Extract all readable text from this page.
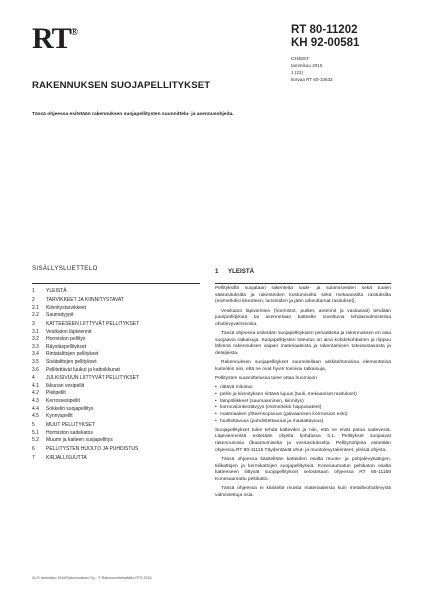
RT®	RT 80-11202
KH 92-00581
OHJEET
tammikuu 2016
1 (23)
korvaa RT 80-10632
RAKENNUKSEN SUOJAPELLITYKSET
Tässä ohjeessa esitetään rakennuksen suojapellitysten suunnittelu- ja asennusohjeita.
SISÄLLYSLUETTELO
1	YLEISTÄ
2	TARVIKKEET JA KIINNITYSTAVAT
2.1	Kiinnitystarvikkeet
2.2	Saumatyypit
3	KATTEESEEN LIITTYVÄT PELLITYKSET
3.1	Vesikaton läpiviennit
3.2	Hormiston pellitys
3.3	Räystäspellitykset
3.4	Rintatalttojen pellitykset
3.5	Sisätalttojen pellitykset
3.6	Pellitettävät luukut ja kattoikkunat
4	JULKISIVUUN LIITTYVÄT PELLITYKSET
4.1	Ikkunan vesipellit
4.2	Pielipellit
4.3	Kerrosvesipellit
4.4	Sokkelin suojapellitys
4.5	Kynnyspellit
5	MUUT PELLITYKSET
5.1	Hormiston sadekatos
5.2	Muurin ja kaiteen suojapellitys
6	PELLITYSTEN HUOLTO JA PUHDISTUS
7	KIRJALLISUUTTA
1 YLEISTÄ

Pellityksillä suojataan rakenteita sade- ja sulamisveden sekä tuulen säärasituksilta ja rakenteiden kostumiselta sekä mekaanisilta rasituksilta (esimerkiksi liikenteen, lumitöiden ja jään aiheuttamat rasitukset).

Vesikaton läpivientien (hormistot, putket, antennit ja vastaavat) tehdään juuriperllityksiä tai asennetaan katteelle soveltuvia tehdasvalmisteisia ohutlevyvalmisosia.

Tässä ohjeessa esitetään suojapellityksien periaatteita ja rakennuksen eri osia suojaavia ratkaisuja. Suojapellitysten toteutus on aina kohdekohtainen ja riippuu lähinnä rakennuksen vaipan materiaaleista ja rakentamisen toteutustavasta ja detaljeista.

Rakennuksen suojapellitykset suunnitellaan arkkitehtonisina elementteinä kuitenkin niin, että ne ovat hyvin toimivia ratkaisuja.

Pellitysten suunnittelussa tulee ottaa huomioon

• riittävä mitoitus
• pellin ja kiinnityksen riittävä lujuus (tuuli, mekaaniset rasitukset)
• lämpöliikkeet (saumaaminen, kiinnitys)
• korroosionkestävyys (esimerkiksi happosateet)
• materiaalien yhteensopivuus (galvaanisen korroosion esto)
• huollettavuus (puhdistettavuus ja maalattavuus).

Suojapellitykset tulee tehdä kalteviksi ja niin, että ne eivät patoa sadevesiä. Läpivienneistä esitetään ohjeita kohdassa 3.1. Pellitykset suojaavat rakennusosia (lkaantumiselta ja vesirasitukselta. Pellityöohjeita esitetään ohjeessa RT 80-11115 Täydentävät ohut- ja muotolevyrakenteet, yleisiä ohjeita.

Tässä ohjeessa käsitellään katteiden osalta muoto- ja pohjalevykattojen, tiilikattojen ja kermikattojen suojapellityksiä. Konesaumatun peltikaton osalta katteeseen liittyvät suojapellitykset selostetaan ohjeessa RT 85-11158 Konesaumattu peltikatto.

Tässä ohjeessa ei käsitellä muista materiaaleista kuin metallivohutlevystä valmistettuja osia.

VL/S tammikuu 2016/Rakennustieto Oy · © Rakennustietosäätiö RTS 2016
